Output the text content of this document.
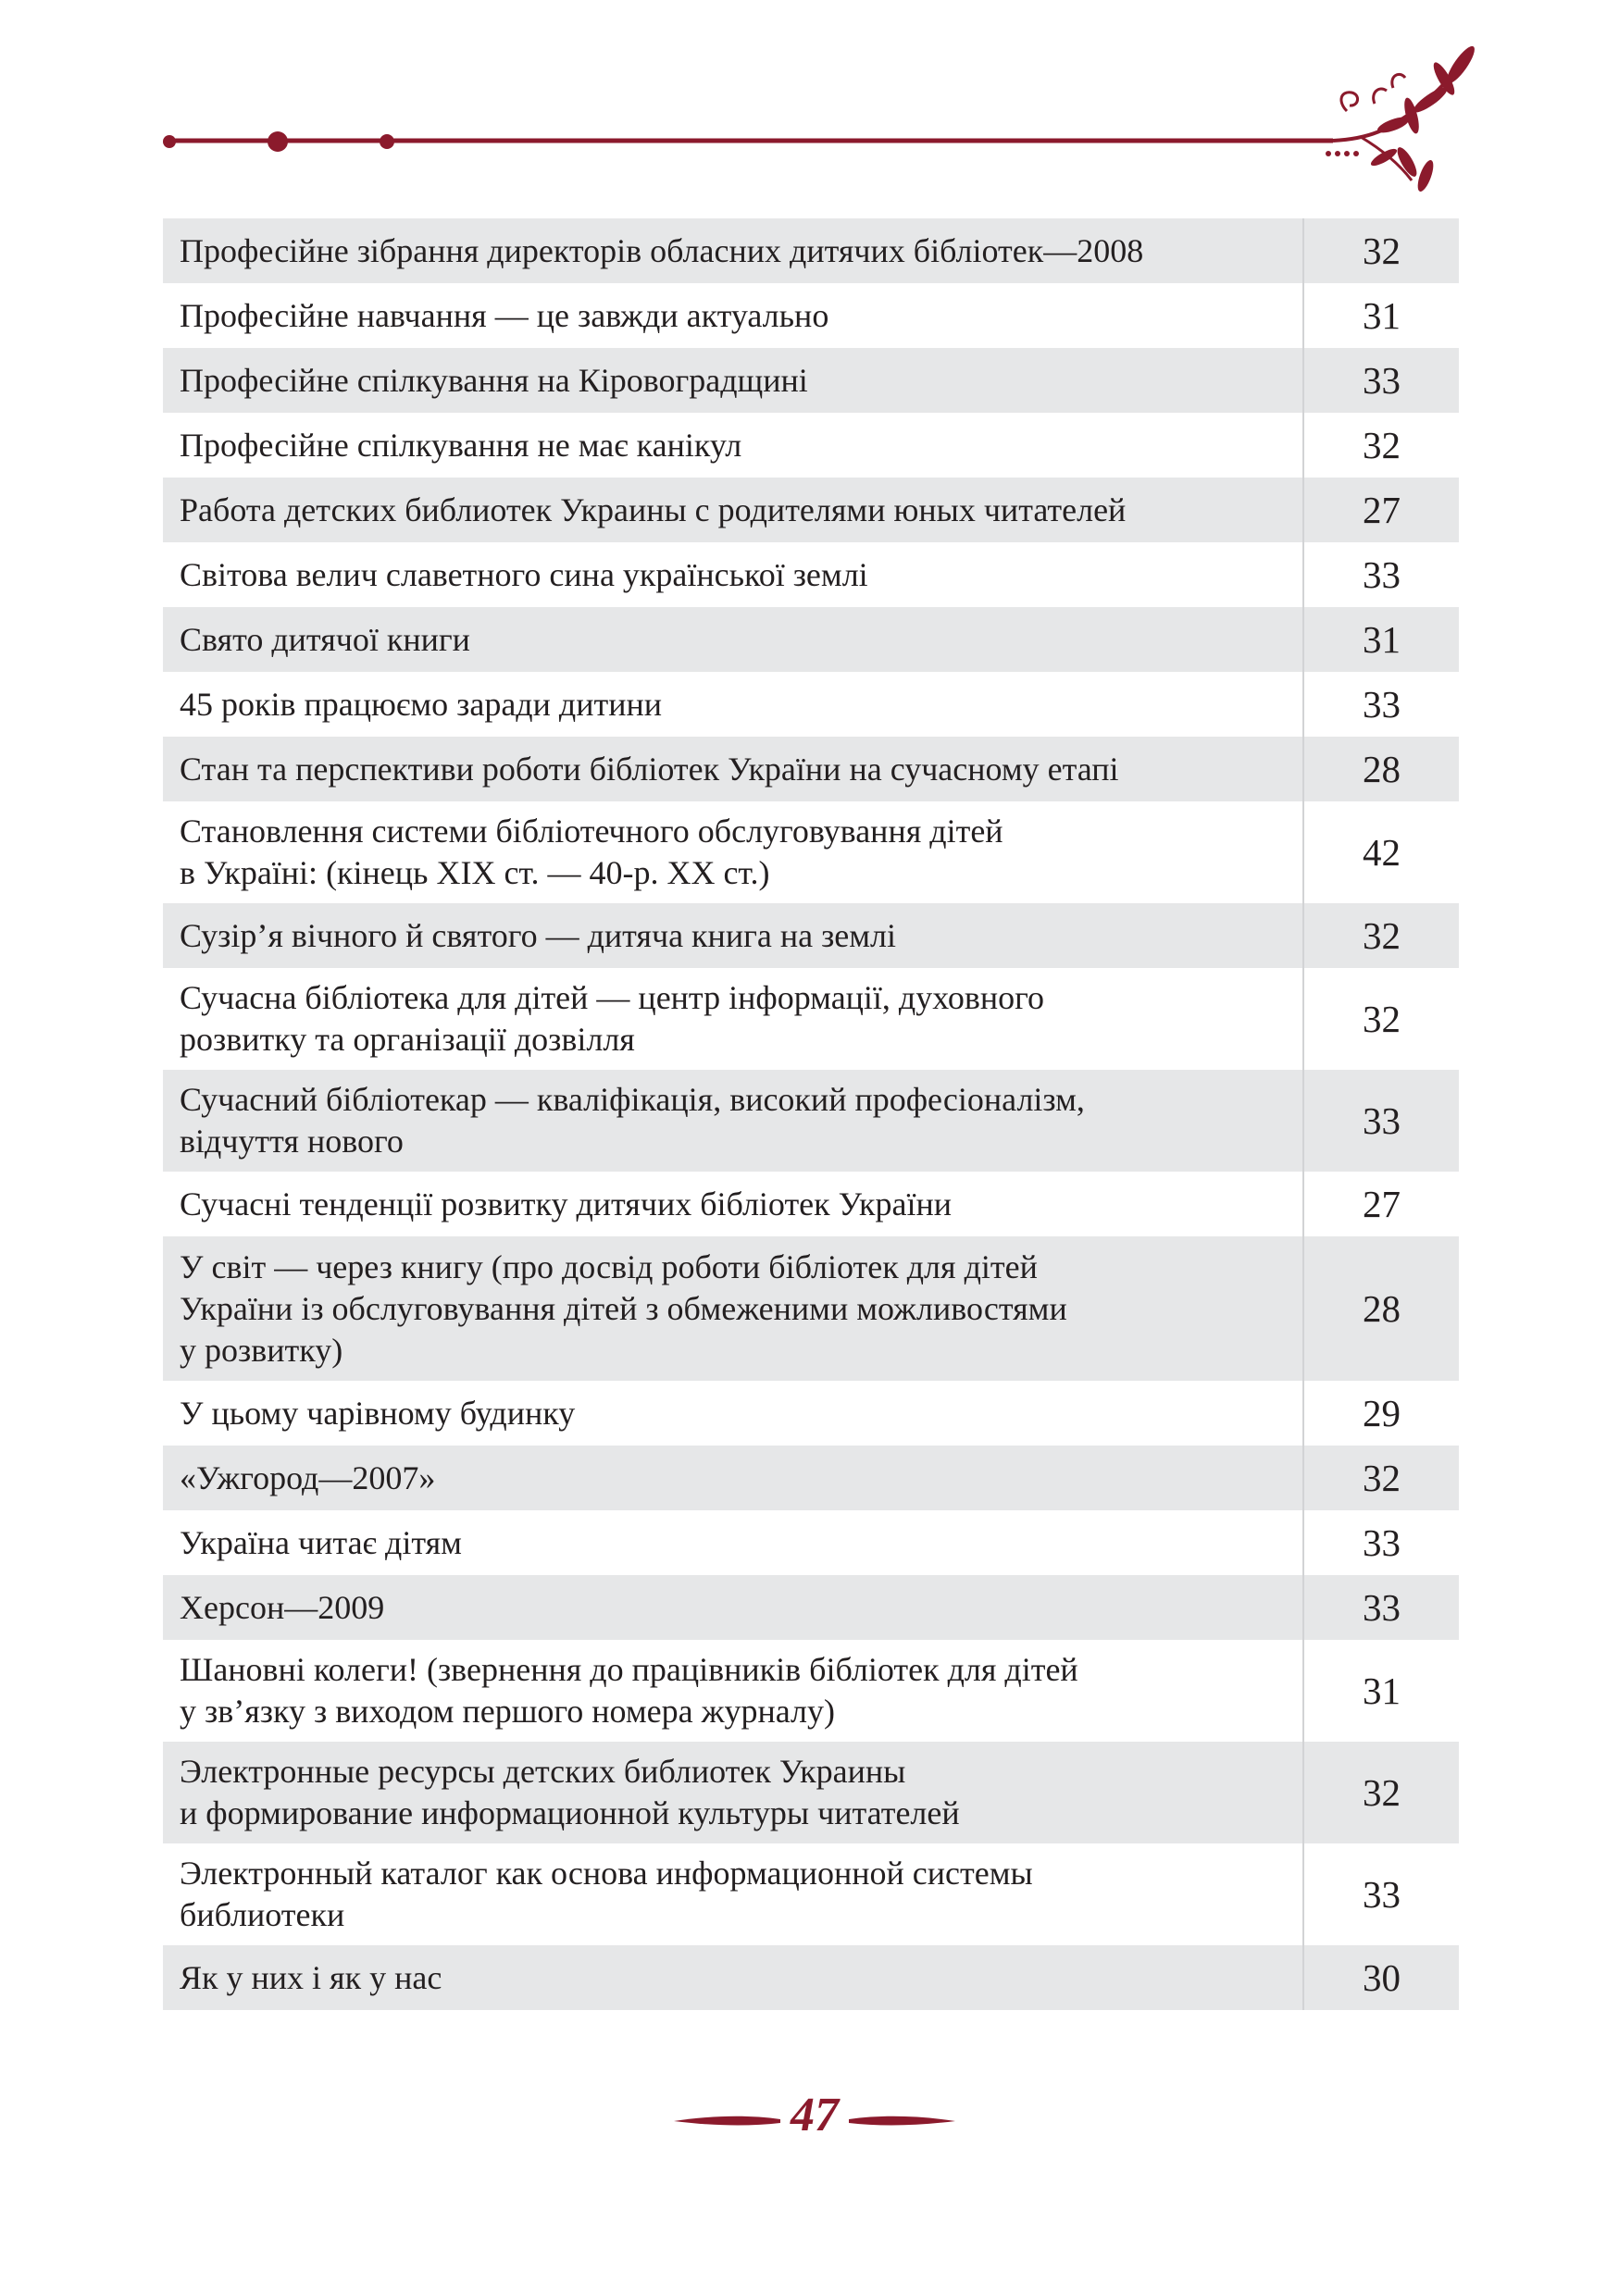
Професійне зібрання директорів обласних дитячих бібліотек—2008	32

Професійне навчання — це завжди актуально	31

Професійне спілкування на Кіровоградщині	33

Професійне спілкування не має канікул	32

Работа детских библиотек Украины с родителями юных читателей	27

Світова велич славетного сина української землі	33

Свято дитячої книги	31

45 років працюємо заради дитини	33

Стан та перспективи роботи бібліотек України на сучасному етапі	28

Становлення системи бібліотечного обслуговування дітей
в Україні: (кінець ХІХ ст. — 40-р. ХХ ст.)	42

Сузір’я вічного й святого — дитяча книга на землі	32

Сучасна бібліотека для дітей — центр інформації, духовного
розвитку та організації дозвілля	32

Сучасний бібліотекар — кваліфікація, високий професіоналізм,
відчуття нового	33

Сучасні тенденції розвитку дитячих бібліотек України	27

У світ — через книгу (про досвід роботи бібліотек для дітей
України із обслуговування дітей з обмеженими можливостями
у розвитку)	28

У цьому чарівному будинку	29

«Ужгород—2007»	32

Україна читає дітям	33

Херсон—2009	33

Шановні колеги! (звернення до працівників бібліотек для дітей
у зв’язку з виходом першого номера журналу)	31

Электронные ресурсы детских библиотек Украины
и формирование информационной культуры читателей	32

Электронный каталог как основа информационной системы
библиотеки	33

Як у них і як у нас	30
47
